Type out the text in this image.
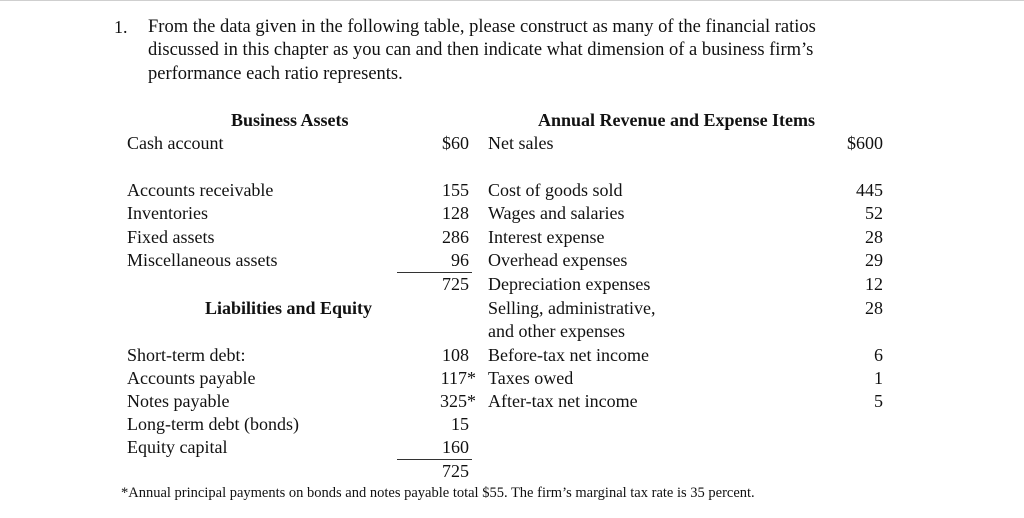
1. From the data given in the following table, please construct as many of the financial ratios
discussed in this chapter as you can and then indicate what dimension of a business firm’s
performance each ratio represents.
Business Assets	Annual Revenue and Expense Items
Cash account	$60
Accounts receivable	155
Inventories	128
Fixed assets	286
Miscellaneous assets	96
725
Liabilities and Equity
Short-term debt:	108
Accounts payable	117*
Notes payable	325*
Long-term debt (bonds)	15
Equity capital	160
725
Net sales	$600
Cost of goods sold	445
Wages and salaries	52
Interest expense	28
Overhead expenses	29
Depreciation expenses	12
Selling, administrative,	28
and other expenses
Before-tax net income	6
Taxes owed	1
After-tax net income	5
*Annual principal payments on bonds and notes payable total $55. The firm’s marginal tax rate is 35 percent.
